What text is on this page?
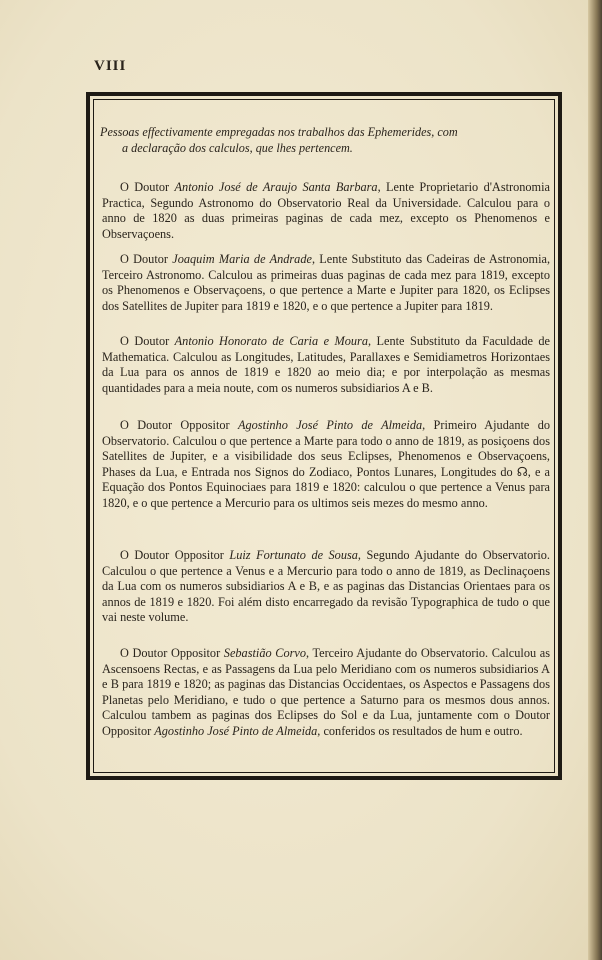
VIII
Pessoas effectivamente empregadas nos trabalhos das Ephemerides, com
a declaração dos calculos, que lhes pertencem.
O Doutor Antonio José de Araujo Santa Barbara, Lente Proprietario d'Astronomia Practica, Segundo Astronomo do Observatorio Real da Universidade. Calculou para o anno de 1820 as duas primeiras paginas de cada mez, excepto os Phenomenos e Observaçoens.
O Doutor Joaquim Maria de Andrade, Lente Substituto das Cadeiras de Astronomia, Terceiro Astronomo. Calculou as primeiras duas paginas de cada mez para 1819, excepto os Phenomenos e Observaçoens, o que pertence a Marte e Jupiter para 1820, os Eclipses dos Satellites de Jupiter para 1819 e 1820, e o que pertence a Jupiter para 1819.
O Doutor Antonio Honorato de Caria e Moura, Lente Substituto da Faculdade de Mathematica. Calculou as Longitudes, Latitudes, Parallaxes e Semidiametros Horizontaes da Lua para os annos de 1819 e 1820 ao meio dia; e por interpolação as mesmas quantidades para a meia noute, com os numeros subsidiarios A e B.
O Doutor Oppositor Agostinho José Pinto de Almeida, Primeiro Ajudante do Observatorio. Calculou o que pertence a Marte para todo o anno de 1819, as posiçoens dos Satellites de Jupiter, e a visibilidade dos seus Eclipses, Phenomenos e Observaçoens, Phases da Lua, e Entrada nos Signos do Zodiaco, Pontos Lunares, Longitudes do ☊, e a Equação dos Pontos Equinociaes para 1819 e 1820: calculou o que pertence a Venus para 1820, e o que pertence a Mercurio para os ultimos seis mezes do mesmo anno.
O Doutor Oppositor Luiz Fortunato de Sousa, Segundo Ajudante do Observatorio. Calculou o que pertence a Venus e a Mercurio para todo o anno de 1819, as Declinaçoens da Lua com os numeros subsidiarios A e B, e as paginas das Distancias Orientaes para os annos de 1819 e 1820. Foi além disto encarregado da revisão Typographica de tudo o que vai neste volume.
O Doutor Oppositor Sebastião Corvo, Terceiro Ajudante do Observatorio. Calculou as Ascensoens Rectas, e as Passagens da Lua pelo Meridiano com os numeros subsidiarios A e B para 1819 e 1820; as paginas das Distancias Occidentaes, os Aspectos e Passagens dos Planetas pelo Meridiano, e tudo o que pertence a Saturno para os mesmos dous annos. Calculou tambem as paginas dos Eclipses do Sol e da Lua, juntamente com o Doutor Oppositor Agostinho José Pinto de Almeida, conferidos os resultados de hum e outro.
